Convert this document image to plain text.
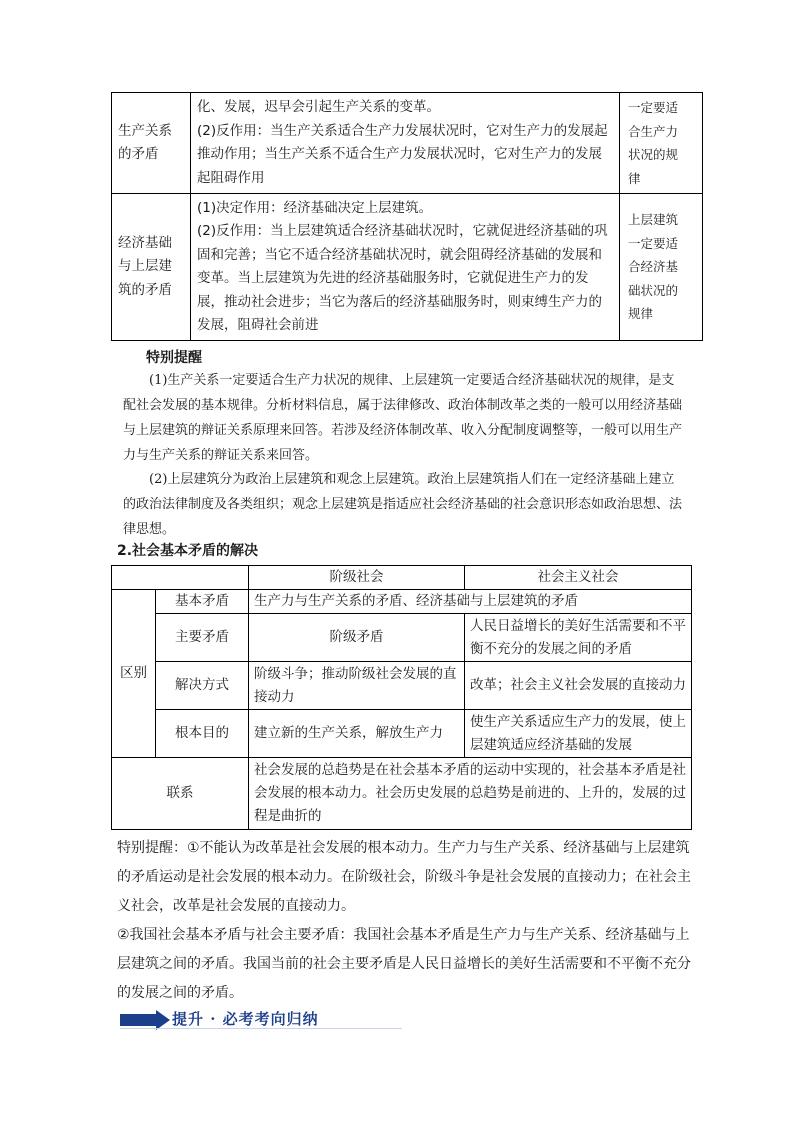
生产关系的矛盾	化、发展，迟早会引起生产关系的变革。
(2)反作用：当生产关系适合生产力发展状况时，它对生产力的发展起推动作用；当生产关系不适合生产力发展状况时，它对生产力的发展起阻碍作用	一定要适合生产力状况的规律

经济基础与上层建筑的矛盾	(1)决定作用：经济基础决定上层建筑。
(2)反作用：当上层建筑适合经济基础状况时，它就促进经济基础的巩固和完善；当它不适合经济基础状况时，就会阻碍经济基础的发展和变革。当上层建筑为先进的经济基础服务时，它就促进生产力的发展，推动社会进步；当它为落后的经济基础服务时，则束缚生产力的发展，阻碍社会前进	上层建筑一定要适合经济基础状况的规律
特别提醒
(1)生产关系一定要适合生产力状况的规律、上层建筑一定要适合经济基础状况的规律，是支配社会发展的基本规律。分析材料信息，属于法律修改、政治体制改革之类的一般可以用经济基础与上层建筑的辩证关系原理来回答。若涉及经济体制改革、收入分配制度调整等，一般可以用生产力与生产关系的辩证关系来回答。
(2)上层建筑分为政治上层建筑和观念上层建筑。政治上层建筑指人们在一定经济基础上建立的政治法律制度及各类组织；观念上层建筑是指适应社会经济基础的社会意识形态如政治思想、法律思想。
2.社会基本矛盾的解决
		阶级社会	社会主义社会
区别	基本矛盾	生产力与生产关系的矛盾、经济基础与上层建筑的矛盾	
	主要矛盾	阶级矛盾	人民日益增长的美好生活需要和不平衡不充分的发展之间的矛盾
	解决方式	阶级斗争；推动阶级社会发展的直接动力	改革；社会主义社会发展的直接动力
	根本目的	建立新的生产关系，解放生产力	使生产关系适应生产力的发展，使上层建筑适应经济基础的发展
联系		社会发展的总趋势是在社会基本矛盾的运动中实现的，社会基本矛盾是社会发展的根本动力。社会历史发展的总趋势是前进的、上升的，发展的过程是曲折的	
特别提醒：①不能认为改革是社会发展的根本动力。生产力与生产关系、经济基础与上层建筑的矛盾运动是社会发展的根本动力。在阶级社会，阶级斗争是社会发展的直接动力；在社会主义社会，改革是社会发展的直接动力。
②我国社会基本矛盾与社会主要矛盾：我国社会基本矛盾是生产力与生产关系、经济基础与上层建筑之间的矛盾。我国当前的社会主要矛盾是人民日益增长的美好生活需要和不平衡不充分的发展之间的矛盾。
提升 · 必考考向归纳
